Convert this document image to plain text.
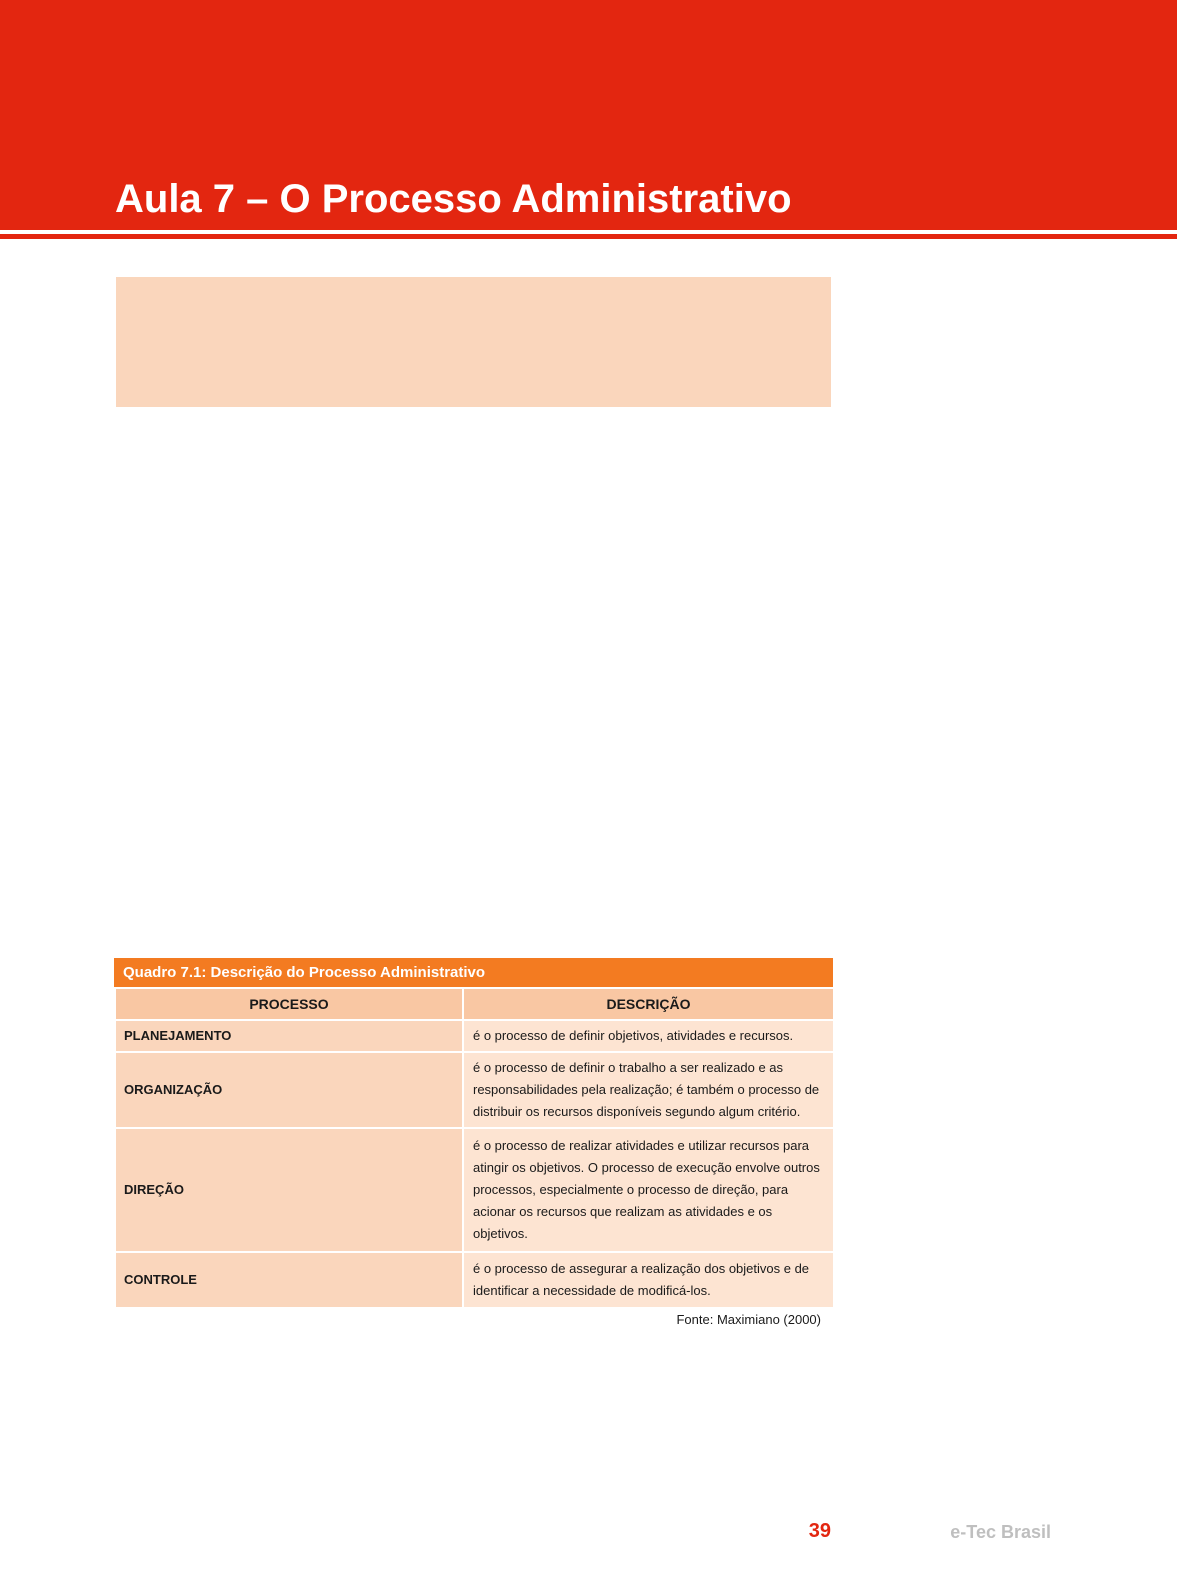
Aula 7 – O Processo Administrativo
Quadro 7.1: Descrição do Processo Administrativo
PROCESSO	DESCRIÇÃO
PLANEJAMENTO	é o processo de definir objetivos, atividades e recursos.
ORGANIZAÇÃO	é o processo de definir o trabalho a ser realizado e as responsabilidades pela realização; é também o processo de distribuir os recursos disponíveis segundo algum critério.
DIREÇÃO	é o processo de realizar atividades e utilizar recursos para atingir os objetivos. O processo de execução envolve outros processos, especialmente o processo de direção, para acionar os recursos que realizam as atividades e os objetivos.
CONTROLE	é o processo de assegurar a realização dos objetivos e de identificar a necessidade de modificá-los.
Fonte: Maximiano (2000)
39	e-Tec Brasil
